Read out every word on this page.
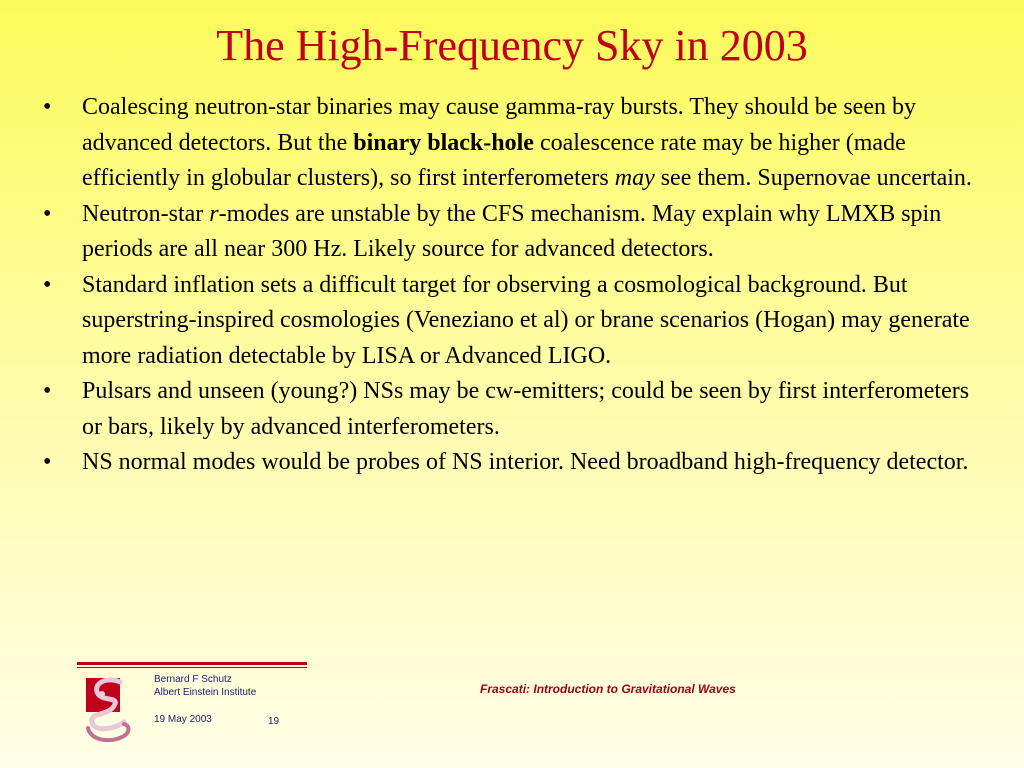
The High-Frequency Sky in 2003
• Coalescing neutron-star binaries may cause gamma-ray bursts. They should be seen by advanced detectors. But the binary black-hole coalescence rate may be higher (made efficiently in globular clusters), so first interferometers may see them. Supernovae uncertain.
• Neutron-star r-modes are unstable by the CFS mechanism. May explain why LMXB spin periods are all near 300 Hz. Likely source for advanced detectors.
• Standard inflation sets a difficult target for observing a cosmological background. But superstring-inspired cosmologies (Veneziano et al) or brane scenarios (Hogan) may generate more radiation detectable by LISA or Advanced LIGO.
• Pulsars and unseen (young?) NSs may be cw-emitters; could be seen by first interferometers or bars, likely by advanced interferometers.
• NS normal modes would be probes of NS interior. Need broadband high-frequency detector.
Bernard F Schutz
Albert Einstein Institute
19 May 2003	19
Frascati: Introduction to Gravitational Waves
